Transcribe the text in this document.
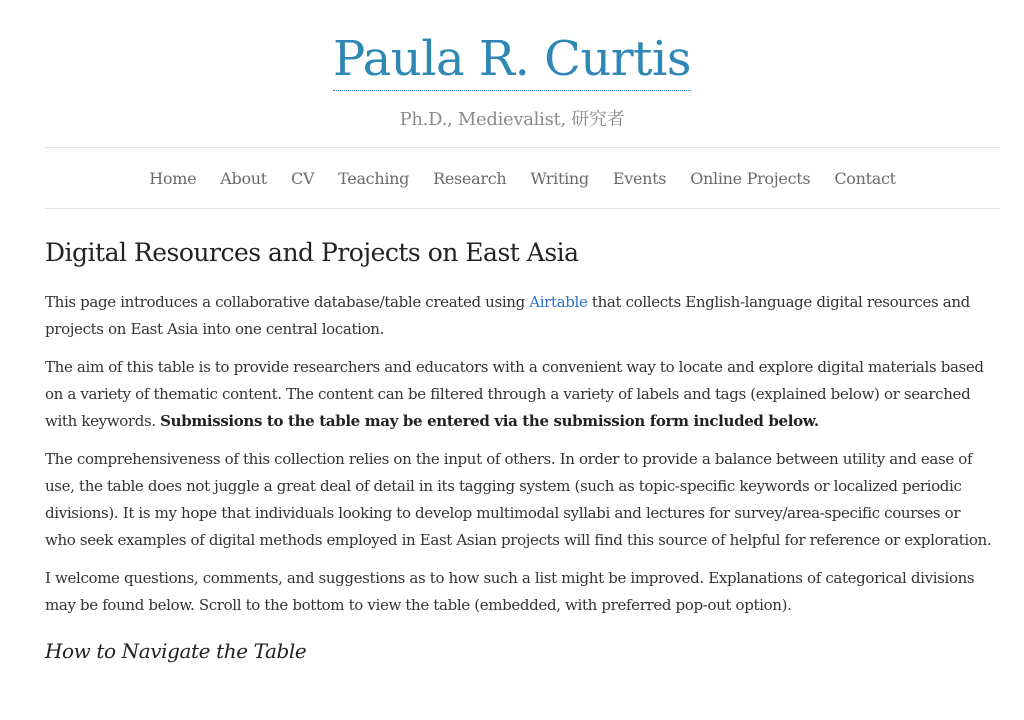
Paula R. Curtis
Ph.D., Medievalist, 研究者
Home About CV Teaching Research Writing Events Online Projects Contact
Digital Resources and Projects on East Asia

This page introduces a collaborative database/table created using Airtable that collects English-language digital resources and projects on East Asia into one central location.

The aim of this table is to provide researchers and educators with a convenient way to locate and explore digital materials based on a variety of thematic content. The content can be filtered through a variety of labels and tags (explained below) or searched with keywords. Submissions to the table may be entered via the submission form included below.

The comprehensiveness of this collection relies on the input of others. In order to provide a balance between utility and ease of use, the table does not juggle a great deal of detail in its tagging system (such as topic-specific keywords or localized periodic divisions). It is my hope that individuals looking to develop multimodal syllabi and lectures for survey/area-specific courses or who seek examples of digital methods employed in East Asian projects will find this source of helpful for reference or exploration.

I welcome questions, comments, and suggestions as to how such a list might be improved. Explanations of categorical divisions may be found below. Scroll to the bottom to view the table (embedded, with preferred pop-out option).

How to Navigate the Table
